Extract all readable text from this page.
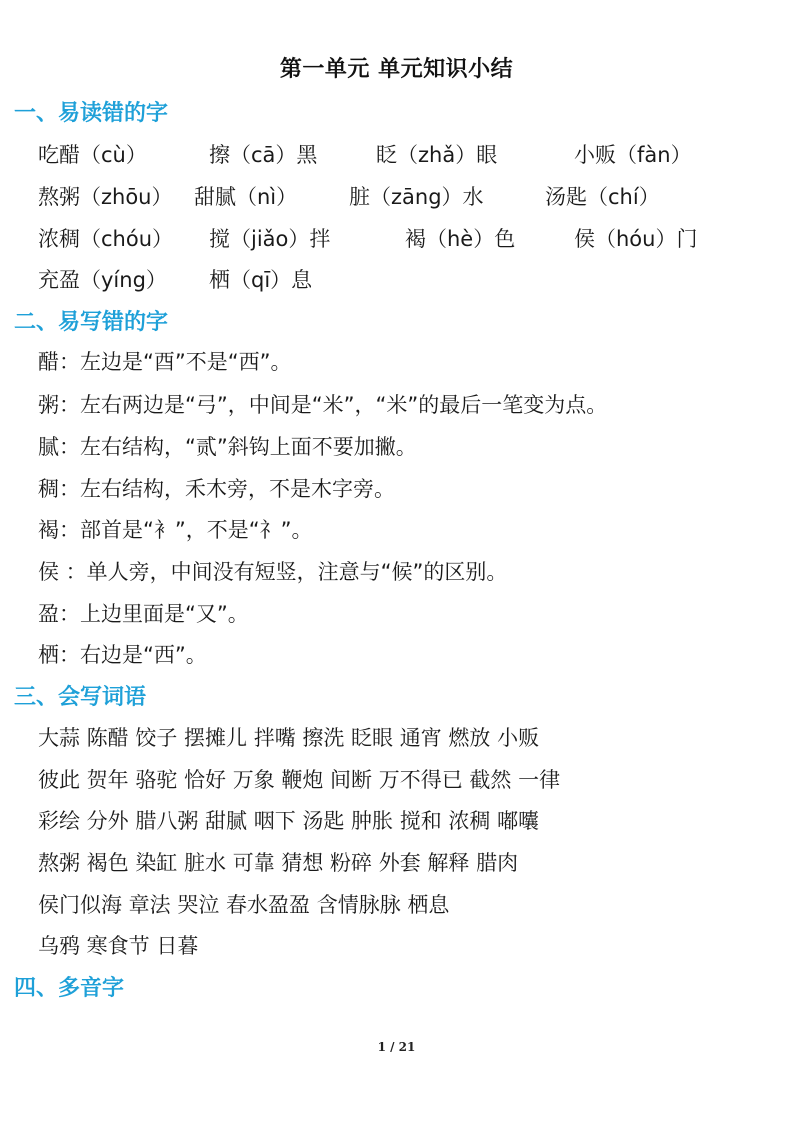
第一单元 单元知识小结
一、易读错的字
吃醋（cù）	擦（cā）黑	眨（zhǎ）眼	小贩（fàn）
熬粥（zhōu） 甜腻（nì） 脏（zāng）水	汤匙（chí）
浓稠（chóu） 搅（jiǎo）拌	褐（hè）色	侯（hóu）门
充盈（yíng） 栖（qī）息
二、易写错的字
醋：左边是“酉”不是“西”。
粥：左右两边是“弓”，中间是“米”，“米”的最后一笔变为点。
腻：左右结构，“贰”斜钩上面不要加撇。
稠：左右结构，禾木旁，不是木字旁。
褐：部首是“衤”，不是“礻”。
侯 ：单人旁，中间没有短竖，注意与“候”的区别。
盈：上边里面是“又”。
栖：右边是“西”。
三、会写词语
大蒜 陈醋 饺子 摆摊儿 拌嘴 擦洗 眨眼 通宵 燃放 小贩
彼此 贺年 骆驼 恰好 万象 鞭炮 间断 万不得已 截然 一律
彩绘 分外 腊八粥 甜腻 咽下 汤匙 肿胀 搅和 浓稠 嘟囔
熬粥 褐色 染缸 脏水 可靠 猜想 粉碎 外套 解释 腊肉
侯门似海 章法 哭泣 春水盈盈 含情脉脉 栖息
乌鸦 寒食节 日暮
四、多音字
1 / 21
